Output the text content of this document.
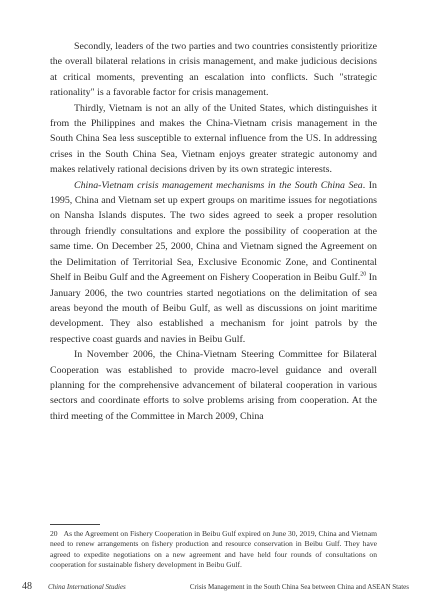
Secondly, leaders of the two parties and two countries consistently prioritize the overall bilateral relations in crisis management, and make judicious decisions at critical moments, preventing an escalation into conflicts. Such "strategic rationality" is a favorable factor for crisis management.

Thirdly, Vietnam is not an ally of the United States, which distinguishes it from the Philippines and makes the China-Vietnam crisis management in the South China Sea less susceptible to external influence from the US. In addressing crises in the South China Sea, Vietnam enjoys greater strategic autonomy and makes relatively rational decisions driven by its own strategic interests.

China-Vietnam crisis management mechanisms in the South China Sea. In 1995, China and Vietnam set up expert groups on maritime issues for negotiations on Nansha Islands disputes. The two sides agreed to seek a proper resolution through friendly consultations and explore the possibility of cooperation at the same time. On December 25, 2000, China and Vietnam signed the Agreement on the Delimitation of Territorial Sea, Exclusive Economic Zone, and Continental Shelf in Beibu Gulf and the Agreement on Fishery Cooperation in Beibu Gulf.$^{20}$ In January 2006, the two countries started negotiations on the delimitation of sea areas beyond the mouth of Beibu Gulf, as well as discussions on joint maritime development. They also established a mechanism for joint patrols by the respective coast guards and navies in Beibu Gulf.

In November 2006, the China-Vietnam Steering Committee for Bilateral Cooperation was established to provide macro-level guidance and overall planning for the comprehensive advancement of bilateral cooperation in various sectors and coordinate efforts to solve problems arising from cooperation. At the third meeting of the Committee in March 2009, China

20 As the Agreement on Fishery Cooperation in Beibu Gulf expired on June 30, 2019, China and Vietnam need to renew arrangements on fishery production and resource conservation in Beibu Gulf. They have agreed to expedite negotiations on a new agreement and have held four rounds of consultations on cooperation for sustainable fishery development in Beibu Gulf.
48 China International Studies	Crisis Management in the South China Sea between China and ASEAN States
